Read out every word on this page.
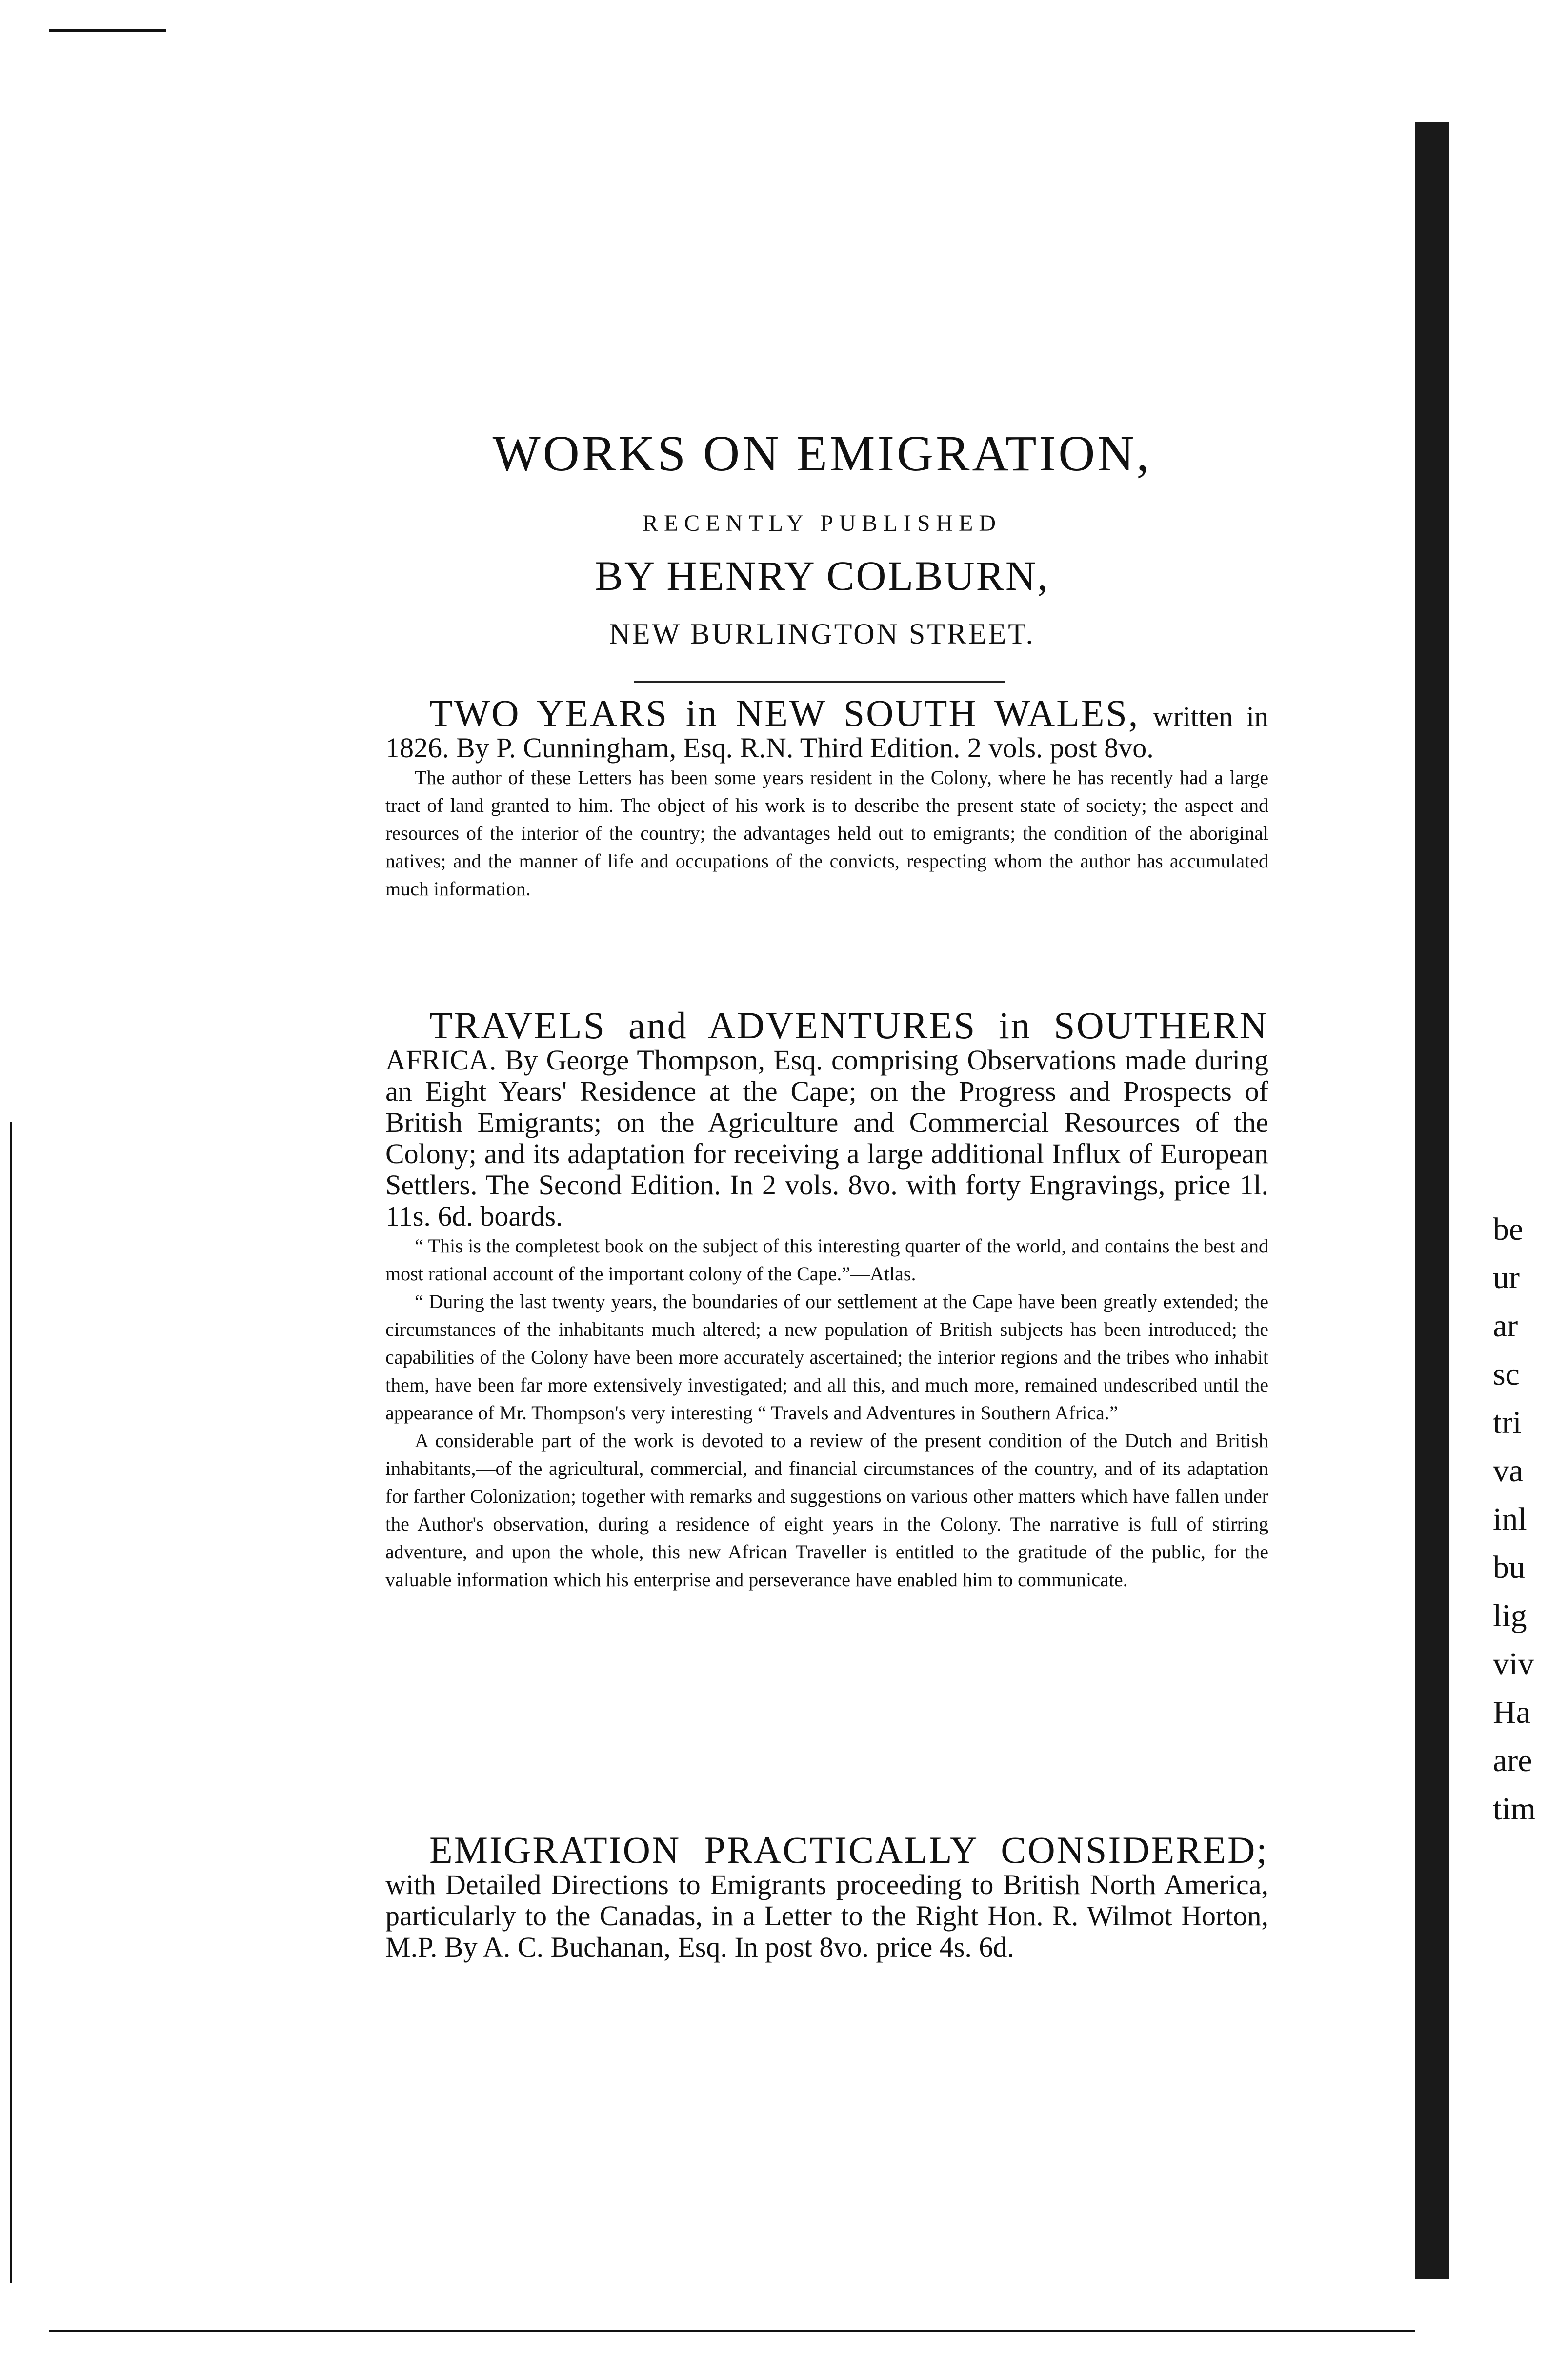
WORKS ON EMIGRATION,
RECENTLY PUBLISHED
BY HENRY COLBURN,
NEW BURLINGTON STREET.
TWO YEARS in NEW SOUTH WALES, written in 1826. By P. Cunningham, Esq. R.N. Third Edition. 2 vols. post 8vo.

The author of these Letters has been some years resident in the Colony, where he has recently had a large tract of land granted to him. The object of his work is to describe the present state of society; the aspect and resources of the interior of the country; the advantages held out to emigrants; the condition of the aboriginal natives; and the manner of life and occupations of the convicts, respecting whom the author has accumulated much information.

TRAVELS and ADVENTURES in SOUTHERN AFRICA. By George Thompson, Esq. comprising Observations made during an Eight Years' Residence at the Cape; on the Progress and Prospects of British Emigrants; on the Agriculture and Commercial Resources of the Colony; and its adaptation for receiving a large additional Influx of European Settlers. The Second Edition. In 2 vols. 8vo. with forty Engravings, price 1l. 11s. 6d. boards.

“ This is the completest book on the subject of this interesting quarter of the world, and contains the best and most rational account of the important colony of the Cape.”—Atlas.

“ During the last twenty years, the boundaries of our settlement at the Cape have been greatly extended; the circumstances of the inhabitants much altered; a new population of British subjects has been introduced; the capabilities of the Colony have been more accurately ascertained; the interior regions and the tribes who inhabit them, have been far more extensively investigated; and all this, and much more, remained undescribed until the appearance of Mr. Thompson's very interesting “ Travels and Adventures in Southern Africa.”

A considerable part of the work is devoted to a review of the present condition of the Dutch and British inhabitants,—of the agricultural, commercial, and financial circumstances of the country, and of its adaptation for farther Colonization; together with remarks and suggestions on various other matters which have fallen under the Author's observation, during a residence of eight years in the Colony. The narrative is full of stirring adventure, and upon the whole, this new African Traveller is entitled to the gratitude of the public, for the valuable information which his enterprise and perseverance have enabled him to communicate.

EMIGRATION PRACTICALLY CONSIDERED; with Detailed Directions to Emigrants proceeding to British North America, particularly to the Canadas, in a Letter to the Right Hon. R. Wilmot Horton, M.P. By A. C. Buchanan, Esq. In post 8vo. price 4s. 6d.
be
ur
ar
sc
tri
va
inl
bu
lig
viv
Ha
are
tim
